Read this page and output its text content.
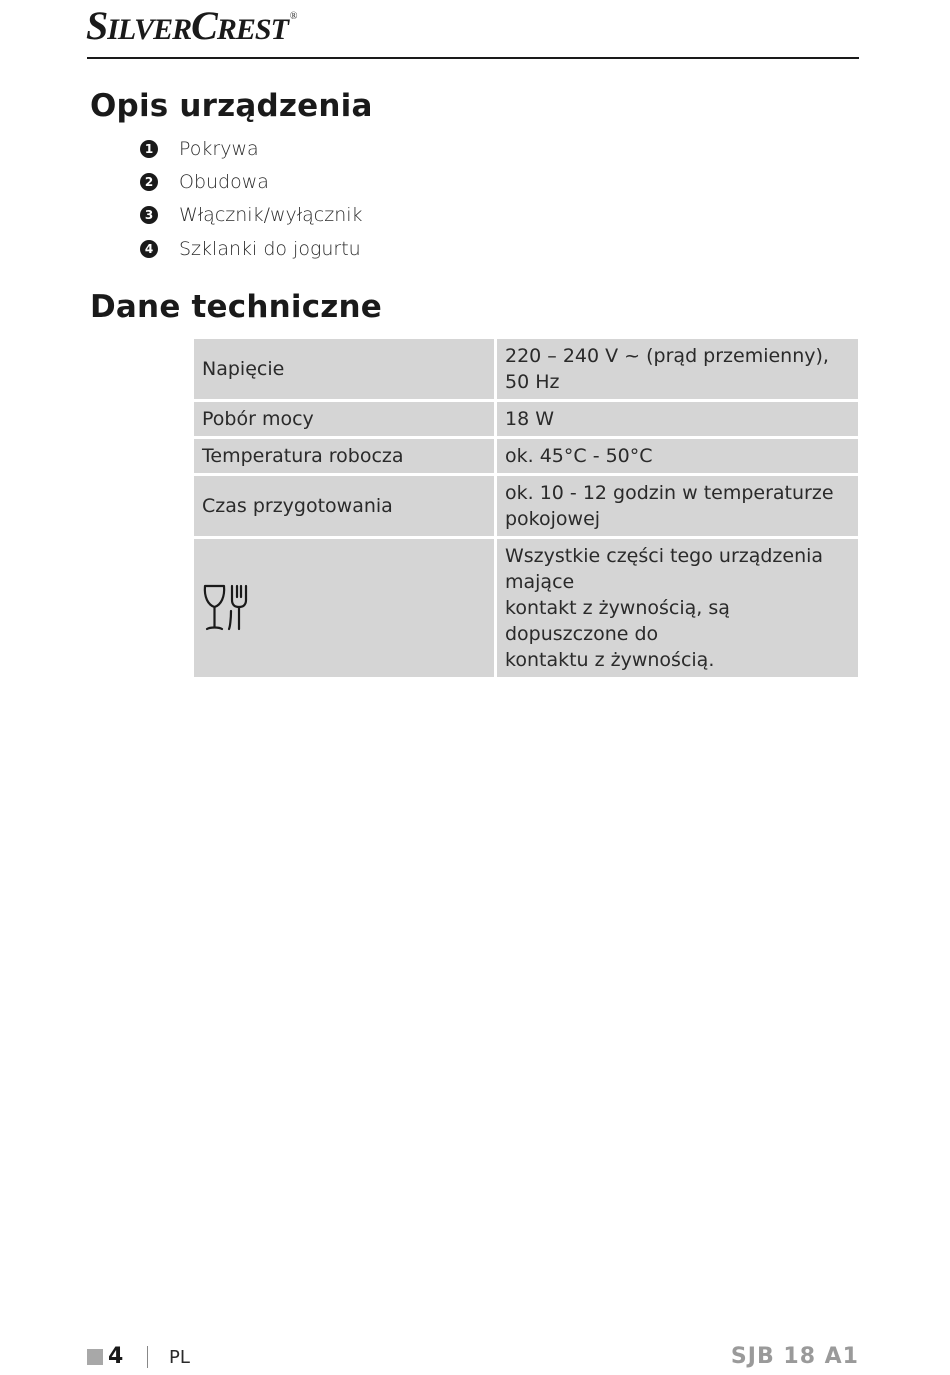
SILVERCREST ®
Opis urządzenia
1 Pokrywa
2 Obudowa
3 Włącznik/wyłącznik
4 Szklanki do jogurtu
Dane techniczne
Napięcie	220 – 240 V ~ (prąd przemienny),
50 Hz
Pobór mocy	18 W
Temperatura robocza	ok. 45°C - 50°C
Czas przygotowania	ok. 10 - 12 godzin w temperaturze
pokojowej

	Wszystkie części tego urządzenia mające
kontakt z żywnością, są dopuszczone do
kontaktu z żywnością.
4	PL	SJB 18 A1
